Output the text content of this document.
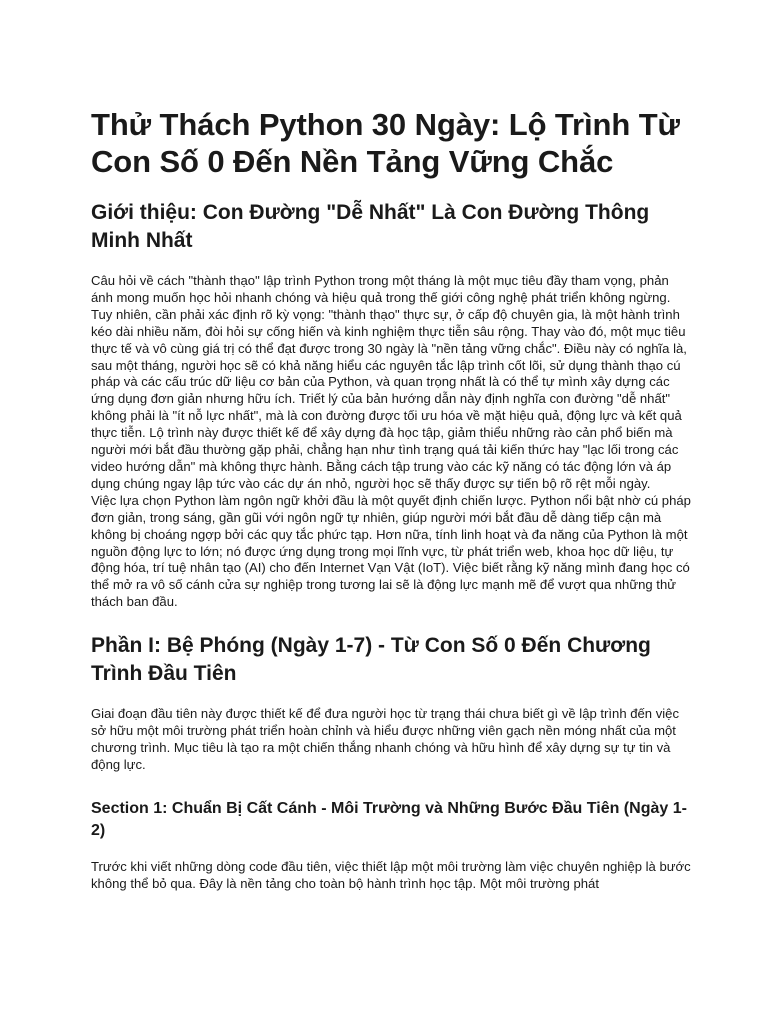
Thử Thách Python 30 Ngày: Lộ Trình Từ Con Số 0 Đến Nền Tảng Vững Chắc
Giới thiệu: Con Đường "Dễ Nhất" Là Con Đường Thông Minh Nhất

Câu hỏi về cách "thành thạo" lập trình Python trong một tháng là một mục tiêu đầy tham vọng, phản ánh mong muốn học hỏi nhanh chóng và hiệu quả trong thế giới công nghệ phát triển không ngừng. Tuy nhiên, cần phải xác định rõ kỳ vọng: "thành thạo" thực sự, ở cấp độ chuyên gia, là một hành trình kéo dài nhiều năm, đòi hỏi sự cống hiến và kinh nghiệm thực tiễn sâu rộng. Thay vào đó, một mục tiêu thực tế và vô cùng giá trị có thể đạt được trong 30 ngày là "nền tảng vững chắc". Điều này có nghĩa là, sau một tháng, người học sẽ có khả năng hiểu các nguyên tắc lập trình cốt lõi, sử dụng thành thạo cú pháp và các cấu trúc dữ liệu cơ bản của Python, và quan trọng nhất là có thể tự mình xây dựng các ứng dụng đơn giản nhưng hữu ích. Triết lý của bản hướng dẫn này định nghĩa con đường "dễ nhất" không phải là "ít nỗ lực nhất", mà là con đường được tối ưu hóa về mặt hiệu quả, động lực và kết quả thực tiễn. Lộ trình này được thiết kế để xây dựng đà học tập, giảm thiểu những rào cản phổ biến mà người mới bắt đầu thường gặp phải, chẳng hạn như tình trạng quá tải kiến thức hay "lạc lối trong các video hướng dẫn" mà không thực hành. Bằng cách tập trung vào các kỹ năng có tác động lớn và áp dụng chúng ngay lập tức vào các dự án nhỏ, người học sẽ thấy được sự tiến bộ rõ rệt mỗi ngày.

Việc lựa chọn Python làm ngôn ngữ khởi đầu là một quyết định chiến lược. Python nổi bật nhờ cú pháp đơn giản, trong sáng, gần gũi với ngôn ngữ tự nhiên, giúp người mới bắt đầu dễ dàng tiếp cận mà không bị choáng ngợp bởi các quy tắc phức tạp. Hơn nữa, tính linh hoạt và đa năng của Python là một nguồn động lực to lớn; nó được ứng dụng trong mọi lĩnh vực, từ phát triển web, khoa học dữ liệu, tự động hóa, trí tuệ nhân tạo (AI) cho đến Internet Vạn Vật (IoT). Việc biết rằng kỹ năng mình đang học có thể mở ra vô số cánh cửa sự nghiệp trong tương lai sẽ là động lực mạnh mẽ để vượt qua những thử thách ban đầu.

Phần I: Bệ Phóng (Ngày 1-7) - Từ Con Số 0 Đến Chương Trình Đầu Tiên

Giai đoạn đầu tiên này được thiết kế để đưa người học từ trạng thái chưa biết gì về lập trình đến việc sở hữu một môi trường phát triển hoàn chỉnh và hiểu được những viên gạch nền móng nhất của một chương trình. Mục tiêu là tạo ra một chiến thắng nhanh chóng và hữu hình để xây dựng sự tự tin và động lực.

Section 1: Chuẩn Bị Cất Cánh - Môi Trường và Những Bước Đầu Tiên (Ngày 1-2)

Trước khi viết những dòng code đầu tiên, việc thiết lập một môi trường làm việc chuyên nghiệp là bước không thể bỏ qua. Đây là nền tảng cho toàn bộ hành trình học tập. Một môi trường phát
